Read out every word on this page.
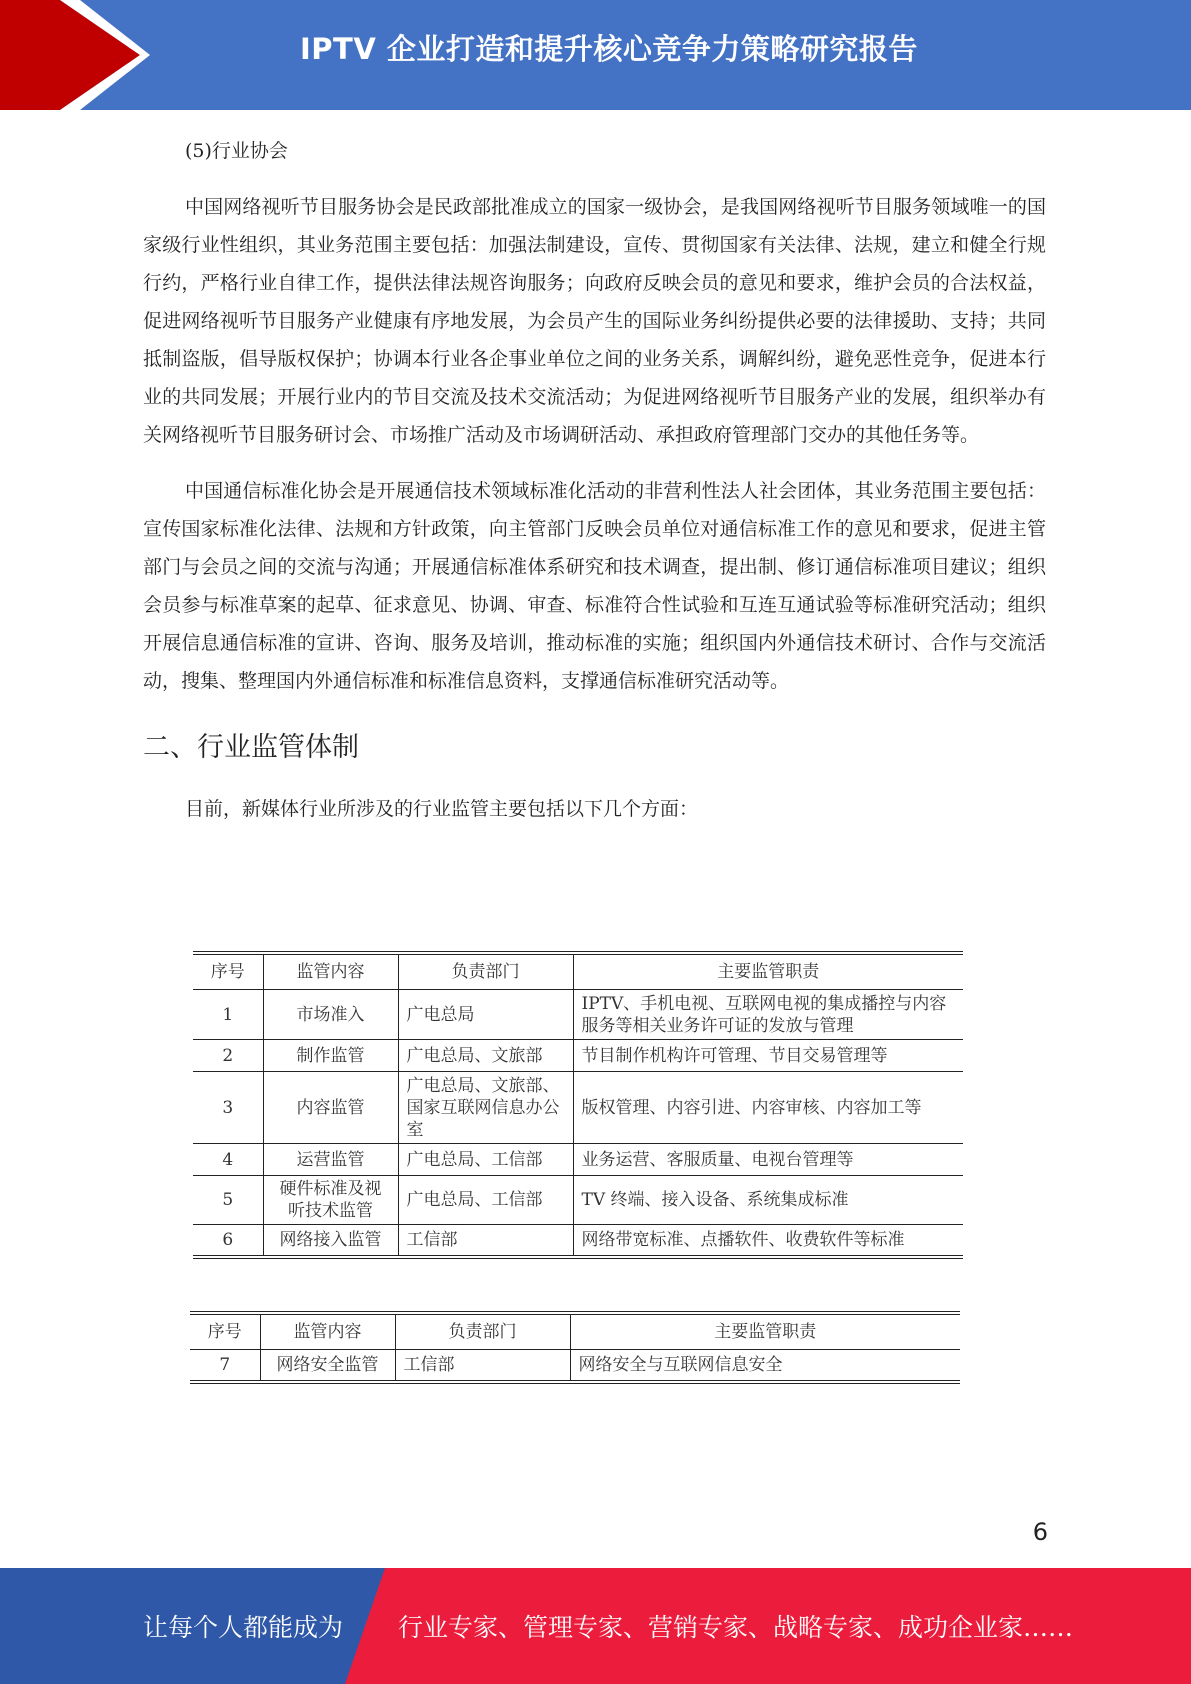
IPTV 企业打造和提升核心竞争力策略研究报告

(5)行业协会

中国网络视听节目服务协会是民政部批准成立的国家一级协会，是我国网络视听节目服务领域唯一的国家级行业性组织，其业务范围主要包括：加强法制建设，宣传、贯彻国家有关法律、法规，建立和健全行规行约，严格行业自律工作，提供法律法规咨询服务；向政府反映会员的意见和要求，维护会员的合法权益，促进网络视听节目服务产业健康有序地发展，为会员产生的国际业务纠纷提供必要的法律援助、支持；共同抵制盗版，倡导版权保护；协调本行业各企事业单位之间的业务关系，调解纠纷，避免恶性竞争，促进本行业的共同发展；开展行业内的节目交流及技术交流活动；为促进网络视听节目服务产业的发展，组织举办有关网络视听节目服务研讨会、市场推广活动及市场调研活动、承担政府管理部门交办的其他任务等。

中国通信标准化协会是开展通信技术领域标准化活动的非营利性法人社会团体，其业务范围主要包括：宣传国家标准化法律、法规和方针政策，向主管部门反映会员单位对通信标准工作的意见和要求，促进主管部门与会员之间的交流与沟通；开展通信标准体系研究和技术调查，提出制、修订通信标准项目建议；组织会员参与标准草案的起草、征求意见、协调、审查、标准符合性试验和互连互通试验等标准研究活动；组织开展信息通信标准的宣讲、咨询、服务及培训，推动标准的实施；组织国内外通信技术研讨、合作与交流活动，搜集、整理国内外通信标准和标准信息资料，支撑通信标准研究活动等。

二、行业监管体制

目前，新媒体行业所涉及的行业监管主要包括以下几个方面：

序号	监管内容	负责部门	主要监管职责
1	市场准入	广电总局	IPTV、手机电视、互联网电视的集成播控与内容服务等相关业务许可证的发放与管理
2	制作监管	广电总局、文旅部	节目制作机构许可管理、节目交易管理等
3	内容监管	广电总局、文旅部、国家互联网信息办公室	版权管理、内容引进、内容审核、内容加工等
4	运营监管	广电总局、工信部	业务运营、客服质量、电视台管理等
5	硬件标准及视听技术监管	广电总局、工信部	TV 终端、接入设备、系统集成标准
6	网络接入监管	工信部	网络带宽标准、点播软件、收费软件等标准
序号	监管内容	负责部门	主要监管职责
7	网络安全监管	工信部	网络安全与互联网信息安全
6
让每个人都能成为 行业专家、管理专家、营销专家、战略专家、成功企业家……
